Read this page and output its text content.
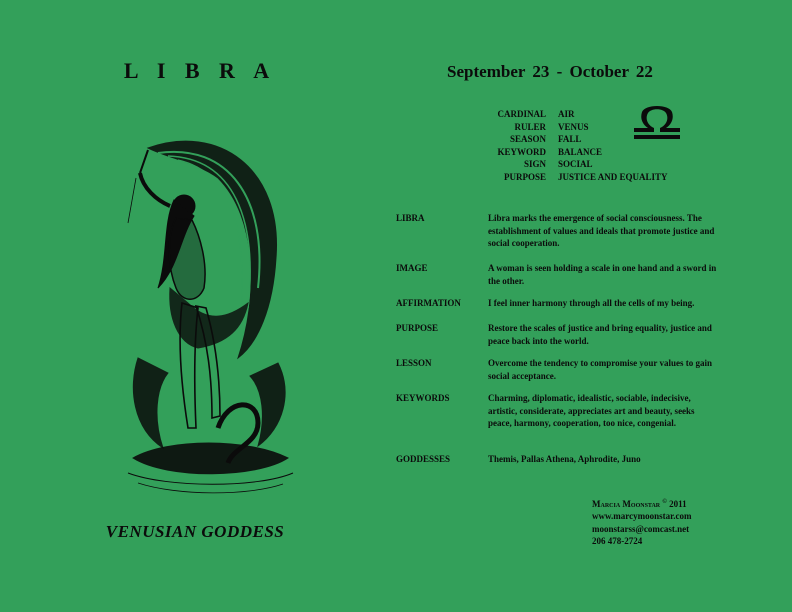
L I B R A	September 23 - October 22
VENUSIAN GODDESS
CARDINAL	AIR
RULER	VENUS
SEASON	FALL
KEYWORD	BALANCE
SIGN	SOCIAL
PURPOSE	JUSTICE AND EQUALITY
LIBRA	Libra marks the emergence of social consciousness. The establishment of values and ideals that promote justice and social cooperation.
IMAGE	A woman is seen holding a scale in one hand and a sword in the other.
AFFIRMATION	I feel inner harmony through all the cells of my being.
PURPOSE	Restore the scales of justice and bring equality, justice and peace back into the world.
LESSON	Overcome the tendency to compromise your values to gain social acceptance.
KEYWORDS	Charming, diplomatic, idealistic, sociable, indecisive, artistic, considerate, appreciates art and beauty, seeks peace, harmony, cooperation, too nice, congenial.
GODDESSES	Themis, Pallas Athena, Aphrodite, Juno
Marcia Moonstar © 2011
www.marcymoonstar.com
moonstarss@comcast.net
206 478-2724
